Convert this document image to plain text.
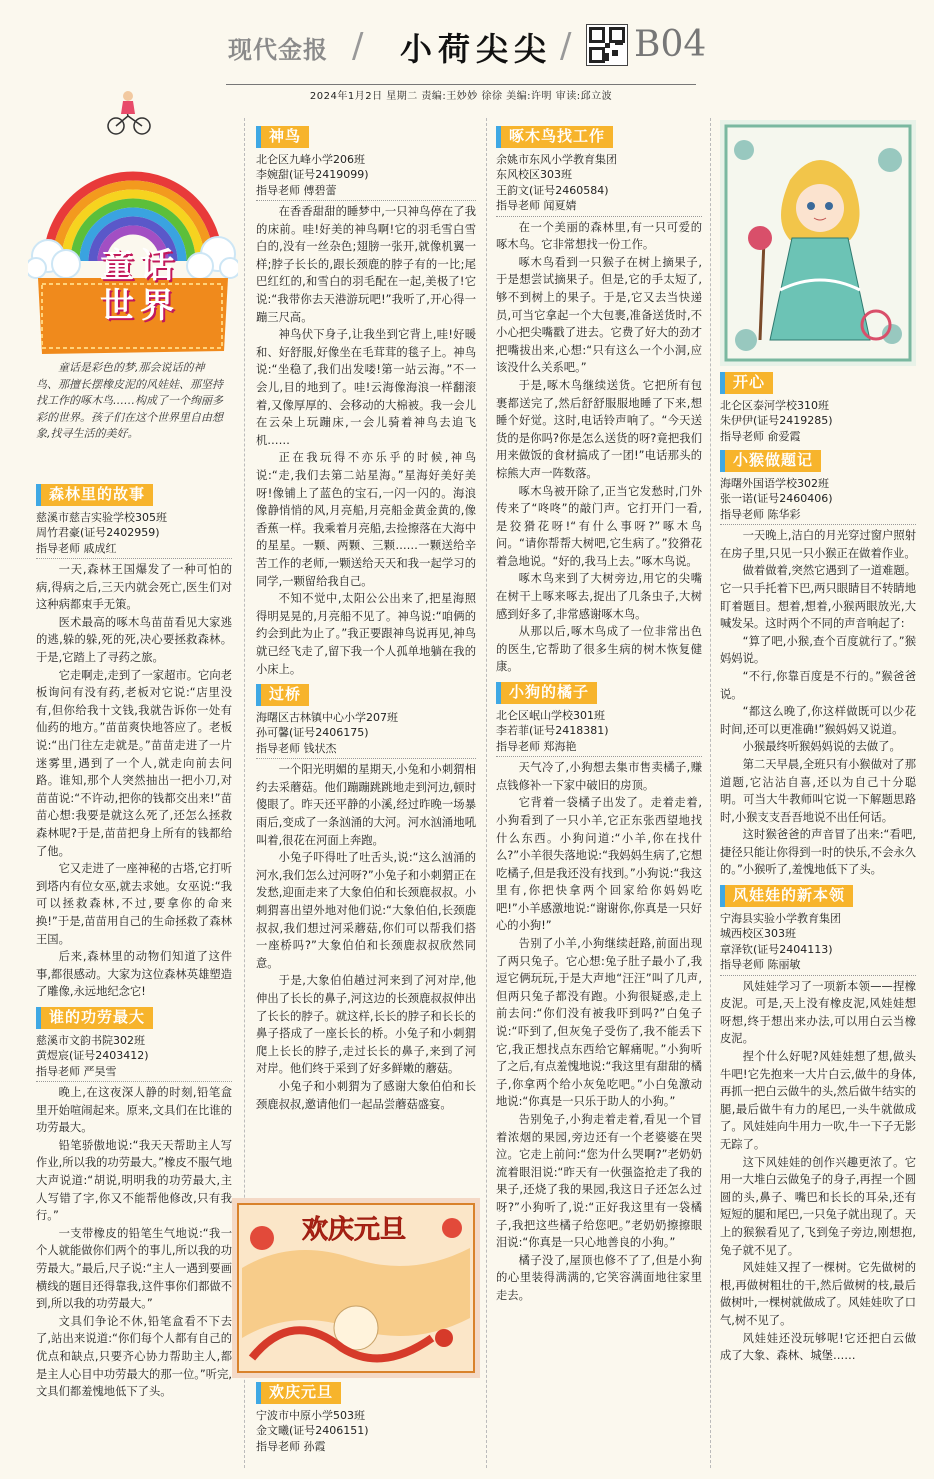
现代金报 / 小荷尖尖 / B04
2024年1月2日 星期二 责编:王妙妙 徐徐 美编:许明 审读:邱立波
童话
世界

童话是彩色的梦,那会说话的神鸟、那擅长摆橡皮泥的风娃娃、那坚持找工作的啄木鸟……构成了一个绚丽多彩的世界。孩子们在这个世界里自由想象,找寻生活的美好。

森林里的故事
慈溪市慈吉实验学校305班
周竹君豪(证号2402959)
指导老师 戚成红

一天,森林王国爆发了一种可怕的病,得病之后,三天内就会死亡,医生们对这种病都束手无策。

医术最高的啄木鸟苗苗看见大家逃的逃,躲的躲,死的死,决心要拯救森林。于是,它踏上了寻药之旅。

它走啊走,走到了一家超市。它向老板询问有没有药,老板对它说:“店里没有,但你给我十文钱,我就告诉你一处有仙药的地方。”苗苗爽快地答应了。老板说:“出门往左走就是。”苗苗走进了一片迷雾里,遇到了一个人,就走向前去问路。谁知,那个人突然抽出一把小刀,对苗苗说:“不许动,把你的钱都交出来!”苗苗心想:我要是就这么死了,还怎么拯救森林呢?于是,苗苗把身上所有的钱都给了他。

它又走进了一座神秘的古塔,它打听到塔内有位女巫,就去求她。女巫说:“我可以拯救森林,不过,要拿你的命来换!”于是,苗苗用自己的生命拯救了森林王国。

后来,森林里的动物们知道了这件事,都很感动。大家为这位森林英雄塑造了雕像,永远地纪念它!

谁的功劳最大
慈溪市文韵书院302班
黄煜宸(证号2403412)
指导老师 严昊雪

晚上,在这夜深人静的时刻,铅笔盒里开始喧闹起来。原来,文具们在比谁的功劳最大。

铅笔骄傲地说:“我天天帮助主人写作业,所以我的功劳最大。”橡皮不服气地大声说道:“胡说,明明我的功劳最大,主人写错了字,你又不能帮他修改,只有我行。”

一支带橡皮的铅笔生气地说:“我一个人就能做你们两个的事儿,所以我的功劳最大。”最后,尺子说:“主人一遇到要画横线的题目还得靠我,这件事你们都做不到,所以我的功劳最大。”

文具们争论不休,铅笔盒看不下去了,站出来说道:“你们每个人都有自己的优点和缺点,只要齐心协力帮助主人,都是主人心目中功劳最大的那一位。”听完,文具们都羞愧地低下了头。

神鸟
北仑区九峰小学206班
李婉甜(证号2419099)
指导老师 傅碧蕾

在香香甜甜的睡梦中,一只神鸟停在了我的床前。哇!好美的神鸟啊!它的羽毛雪白雪白的,没有一丝杂色;翅膀一张开,就像机翼一样;脖子长长的,跟长颈鹿的脖子有的一比;尾巴红红的,和雪白的羽毛配在一起,美极了!它说:“我带你去天港游玩吧!”我听了,开心得一蹦三尺高。

神鸟伏下身子,让我坐到它背上,哇!好暖和、好舒服,好像坐在毛茸茸的毯子上。神鸟说:“坐稳了,我们出发喽!第一站云海。”不一会儿,目的地到了。哇!云海像海浪一样翻滚着,又像厚厚的、会移动的大棉被。我一会儿在云朵上玩蹦床,一会儿骑着神鸟去追飞机……

正在我玩得不亦乐乎的时候,神鸟说:“走,我们去第二站星海。”星海好美好美呀!像铺上了蓝色的宝石,一闪一闪的。海浪像静悄悄的风,月亮船,月亮船金黄金黄的,像香蕉一样。我乘着月亮船,去捡擦落在大海中的星星。一颗、两颗、三颗……一颗送给辛苦工作的老师,一颗送给天天和我一起学习的同学,一颗留给我自己。

不知不觉中,太阳公公出来了,把星海照得明晃晃的,月亮船不见了。神鸟说:“咱俩的约会到此为止了。”我正要跟神鸟说再见,神鸟就已经飞走了,留下我一个人孤单地躺在我的小床上。

过桥
海曙区古林镇中心小学207班
孙可馨(证号2406175)
指导老师 钱状杰

一个阳光明媚的星期天,小兔和小刺猬相约去采蘑菇。他们蹦蹦跳跳地走到河边,顿时傻眼了。昨天还平静的小溪,经过昨晚一场暴雨后,变成了一条汹涌的大河。河水汹涌地吼叫着,很花在河面上奔跑。

小兔子吓得吐了吐舌头,说:“这么汹涌的河水,我们怎么过河呀?”小兔子和小刺猬正在发愁,迎面走来了大象伯伯和长颈鹿叔叔。小刺猬喜出望外地对他们说:“大象伯伯,长颈鹿叔叔,我们想过河采蘑菇,你们可以帮我们搭一座桥吗?”大象伯伯和长颈鹿叔叔欣然同意。

于是,大象伯伯趟过河来到了河对岸,他伸出了长长的鼻子,河这边的长颈鹿叔叔伸出了长长的脖子。就这样,长长的脖子和长长的鼻子搭成了一座长长的桥。小兔子和小刺猬爬上长长的脖子,走过长长的鼻子,来到了河对岸。他们终于采到了好多鲜嫩的蘑菇。

小兔子和小刺猬为了感谢大象伯伯和长颈鹿叔叔,邀请他们一起品尝蘑菇盛宴。

欢庆元旦
欢庆元旦
宁波市中原小学503班
金文曦(证号2406151)
指导老师 孙霞
啄木鸟找工作
余姚市东风小学教育集团
东风校区303班
王韵文(证号2460584)
指导老师 闻夏婧

在一个美丽的森林里,有一只可爱的啄木鸟。它非常想找一份工作。

啄木鸟看到一只猴子在树上摘果子,于是想尝试摘果子。但是,它的手太短了,够不到树上的果子。于是,它又去当快递员,可当它拿起一个大包裹,准备送货时,不小心把尖嘴戳了进去。它费了好大的劲才把嘴拔出来,心想:“只有这么一个小洞,应该没什么关系吧。”

于是,啄木鸟继续送货。它把所有包裹都送完了,然后舒舒服服地睡了下来,想睡个好觉。这时,电话铃声响了。“今天送货的是你吗?你是怎么送货的呀?竟把我们用来做饭的食材搞成了一团!”电话那头的棕熊大声一阵数落。

啄木鸟被开除了,正当它发愁时,门外传来了“咚咚”的敲门声。它打开门一看,是狡猾花呀!“有什么事呀?”啄木鸟问。“请你帮帮大树吧,它生病了。”狡猾花着急地说。“好的,我马上去。”啄木鸟说。

啄木鸟来到了大树旁边,用它的尖嘴在树干上啄来啄去,捉出了几条虫子,大树感到好多了,非常感谢啄木鸟。

从那以后,啄木鸟成了一位非常出色的医生,它帮助了很多生病的树木恢复健康。

小狗的橘子
北仑区岷山学校301班
李若菲(证号2418381)
指导老师 郑海艳

天气冷了,小狗想去集市售卖橘子,赚点钱修补一下家中破旧的房顶。

它背着一袋橘子出发了。走着走着,小狗看到了一只小羊,它正东张西望地找什么东西。小狗问道:“小羊,你在找什么?”小羊很失落地说:“我妈妈生病了,它想吃橘子,但是我还没有找到。”小狗说:“我这里有,你把快拿两个回家给你妈妈吃吧!”小羊感激地说:“谢谢你,你真是一只好心的小狗!”

告别了小羊,小狗继续赶路,前面出现了两只兔子。它心想:兔子肚子最小了,我逗它俩玩玩,于是大声地“汪汪”叫了几声,但两只兔子都没有跑。小狗很疑惑,走上前去问:“你们没有被我吓到吗?”白兔子说:“吓到了,但灰兔子受伤了,我不能丢下它,我正想找点东西给它解痛呢。”小狗听了之后,有点羞愧地说:“我这里有甜甜的橘子,你拿两个给小灰兔吃吧。”小白兔激动地说:“你真是一只乐于助人的小狗。”

告别兔子,小狗走着走着,看见一个冒着浓烟的果园,旁边还有一个老婆婆在哭泣。它走上前问:“您为什么哭啊?”老奶奶流着眼泪说:“昨天有一伙强盗抢走了我的果子,还烧了我的果园,我这日子还怎么过呀?”小狗听了,说:“正好我这里有一袋橘子,我把这些橘子给您吧。”老奶奶擦擦眼泪说:“你真是一只心地善良的小狗。”

橘子没了,屋顶也修不了了,但是小狗的心里装得满满的,它笑容满面地往家里走去。

开心
北仑区泰河学校310班
朱伊伊(证号2419285)
指导老师 俞爱霞
小猴做题记
海曙外国语学校302班
张一诺(证号2460406)
指导老师 陈华彩

一天晚上,洁白的月光穿过窗户照射在房子里,只见一只小猴正在做着作业。

做着做着,突然它遇到了一道难题。它一只手托着下巴,两只眼睛目不转睛地盯着题目。想着,想着,小猴两眼放光,大喊发呆。这时两个不同的声音响起了:

“算了吧,小猴,查个百度就行了。”猴妈妈说。

“不行,你靠百度是不行的。”猴爸爸说。

“都这么晚了,你这样做既可以少花时间,还可以更准确!”猴妈妈又说道。

小猴最终听猴妈妈说的去做了。

第二天早晨,全班只有小猴做对了那道题,它沾沾自喜,还以为自己十分聪明。可当大牛教师叫它说一下解题思路时,小猴支支吾吾地说不出任何话。

这时猴爸爸的声音冒了出来:“看吧,捷径只能让你得到一时的快乐,不会永久的。”小猴听了,羞愧地低下了头。

风娃娃的新本领
宁海县实验小学教育集团
城西校区303班
章泽钦(证号2404113)
指导老师 陈丽敏

风娃娃学习了一项新本领——捏橡皮泥。可是,天上没有橡皮泥,风娃娃想呀想,终于想出来办法,可以用白云当橡皮泥。

捏个什么好呢?风娃娃想了想,做头牛吧!它先抱来一大片白云,做牛的身体,再抓一把白云做牛的头,然后做牛结实的腿,最后做牛有力的尾巴,一头牛就做成了。风娃娃向牛用力一吹,牛一下子无影无踪了。

这下风娃娃的创作兴趣更浓了。它用一大堆白云做兔子的身子,再捏一个圆圆的头,鼻子、嘴巴和长长的耳朵,还有短短的腿和尾巴,一只兔子就出现了。天上的猴猴看见了,飞到兔子旁边,刚想抱,兔子就不见了。

风娃娃又捏了一棵树。它先做树的根,再做树粗壮的干,然后做树的枝,最后做树叶,一棵树就做成了。风娃娃吹了口气,树不见了。

风娃娃还没玩够呢!它还把白云做成了大象、森林、城堡……
